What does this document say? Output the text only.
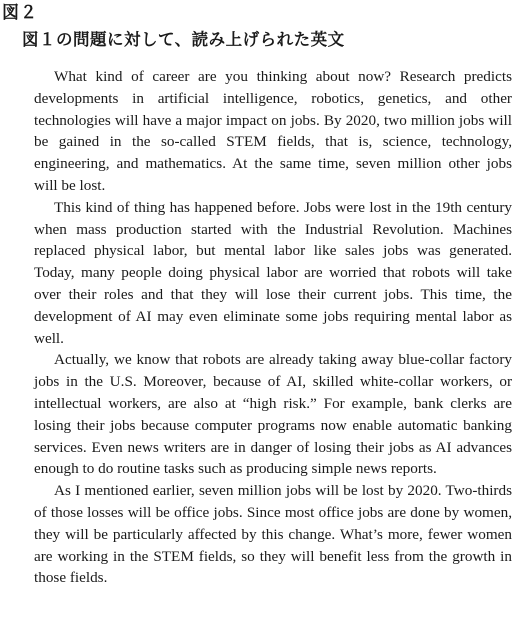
図２
図１の問題に対して、読み上げられた英文

What kind of career are you thinking about now? Research predicts
developments in artificial intelligence, robotics, genetics, and other
technologies will have a major impact on jobs. By 2020, two million jobs will
be gained in the so-called STEM fields, that is, science, technology,
engineering, and mathematics. At the same time, seven million other jobs
will be lost.

This kind of thing has happened before. Jobs were lost in the 19th century
when mass production started with the Industrial Revolution. Machines
replaced physical labor, but mental labor like sales jobs was generated.
Today, many people doing physical labor are worried that robots will take
over their roles and that they will lose their current jobs. This time, the
development of AI may even eliminate some jobs requiring mental labor as
well.

Actually, we know that robots are already taking away blue-collar factory
jobs in the U.S. Moreover, because of AI, skilled white-collar workers, or
intellectual workers, are also at “high risk.” For example, bank clerks are
losing their jobs because computer programs now enable automatic banking
services. Even news writers are in danger of losing their jobs as AI advances
enough to do routine tasks such as producing simple news reports.

As I mentioned earlier, seven million jobs will be lost by 2020. Two-thirds
of those losses will be office jobs. Since most office jobs are done by women,
they will be particularly affected by this change. What’s more, fewer women
are working in the STEM fields, so they will benefit less from the growth in
those fields.
